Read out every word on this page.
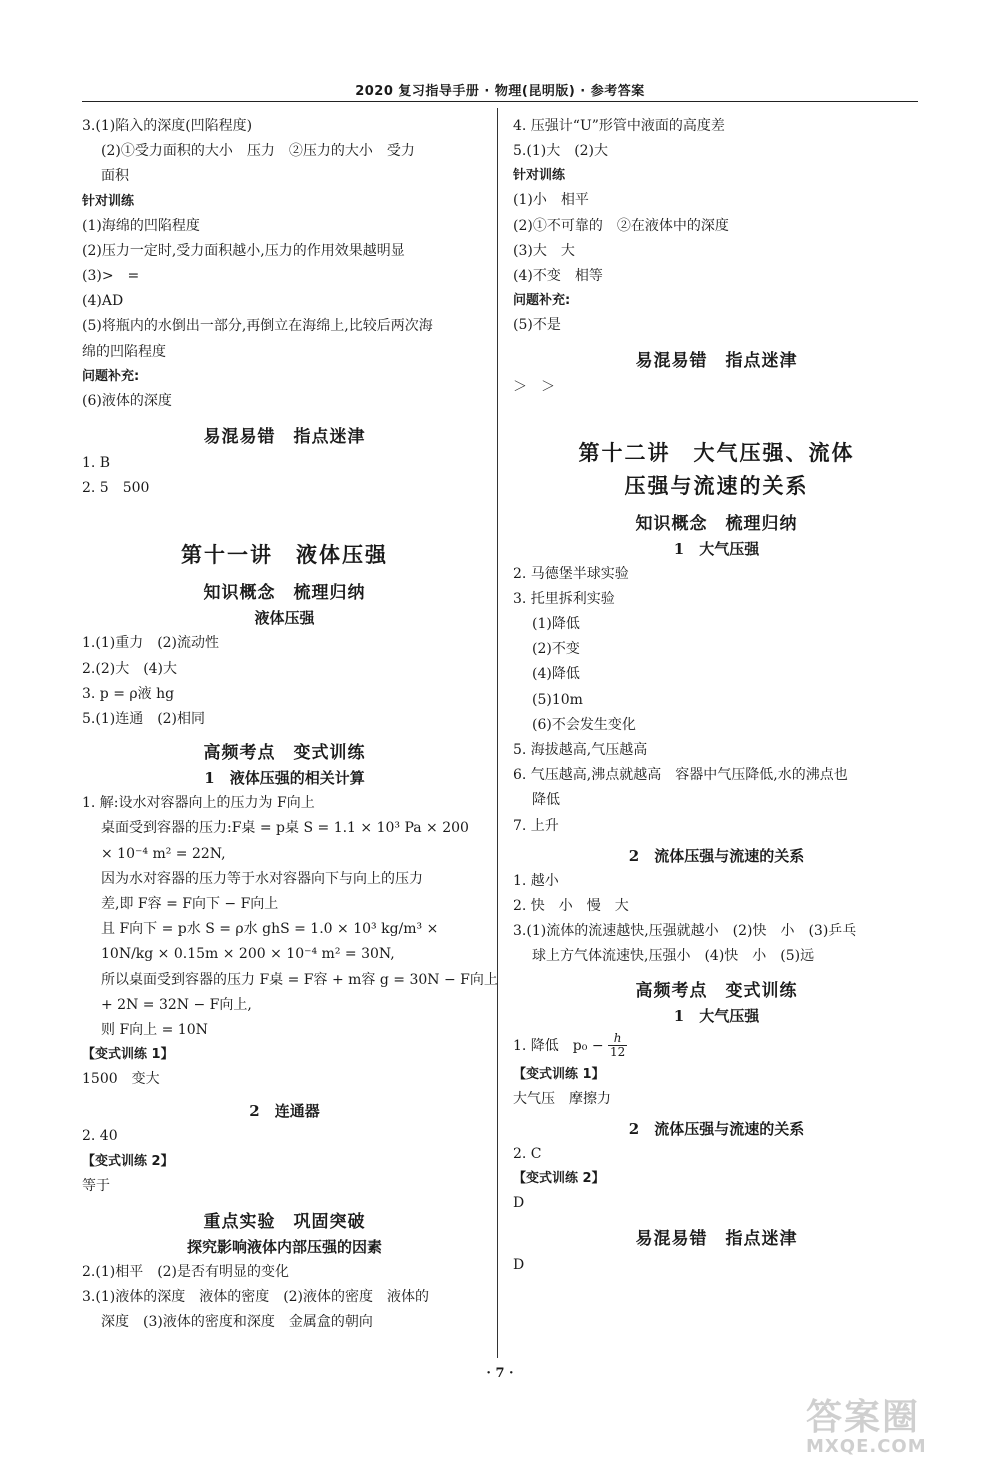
2020 复习指导手册 · 物理(昆明版) · 参考答案
3.(1)陷入的深度(凹陷程度)
(2)①受力面积的大小　压力　②压力的大小　受力
面积
针对训练
(1)海绵的凹陷程度
(2)压力一定时,受力面积越小,压力的作用效果越明显
(3)>　=
(4)AD
(5)将瓶内的水倒出一部分,再倒立在海绵上,比较后两次海
绵的凹陷程度
问题补充:
(6)液体的深度
易混易错　指点迷津
1. B
2. 5　500
第十一讲　液体压强
知识概念　梳理归纳
液体压强
1.(1)重力　(2)流动性
2.(2)大　(4)大
3. p = ρ液 hg
5.(1)连通　(2)相同
高频考点　变式训练
1　液体压强的相关计算
1. 解:设水对容器向上的压力为 F向上
桌面受到容器的压力:F桌 = p桌 S = 1.1 × 10³ Pa × 200
× 10⁻⁴ m² = 22N,
因为水对容器的压力等于水对容器向下与向上的压力
差,即 F容 = F向下 − F向上
且 F向下 = p水 S = ρ水 ghS = 1.0 × 10³ kg/m³ ×
10N/kg × 0.15m × 200 × 10⁻⁴ m² = 30N,
所以桌面受到容器的压力 F桌 = F容 + m容 g = 30N − F向上
+ 2N = 32N − F向上,
则 F向上 = 10N
【变式训练 1】
1500　变大
2　连通器
2. 40
【变式训练 2】
等于
重点实验　巩固突破
探究影响液体内部压强的因素
2.(1)相平　(2)是否有明显的变化
3.(1)液体的深度　液体的密度　(2)液体的密度　液体的
深度　(3)液体的密度和深度　金属盒的朝向
4. 压强计“U”形管中液面的高度差
5.(1)大　(2)大
针对训练
(1)小　相平
(2)①不可靠的　②在液体中的深度
(3)大　大
(4)不变　相等
问题补充:
(5)不是
易混易错　指点迷津
＞　＞
第十二讲　大气压强、流体
压强与流速的关系
知识概念　梳理归纳
1　大气压强
2. 马德堡半球实验
3. 托里拆利实验
(1)降低
(2)不变
(4)降低
(5)10m
(6)不会发生变化
5. 海拔越高,气压越高
6. 气压越高,沸点就越高　容器中气压降低,水的沸点也
降低
7. 上升
2　流体压强与流速的关系
1. 越小
2. 快　小　慢　大
3.(1)流体的流速越快,压强就越小　(2)快　小　(3)乒乓
球上方气体流速快,压强小　(4)快　小　(5)远
高频考点　变式训练
1　大气压强
1. 降低　$p_0 - \frac{h}{12}$
【变式训练 1】
大气压　摩擦力
2　流体压强与流速的关系
2. C
【变式训练 2】
D
易混易错　指点迷津
D
· 7 ·
答案圈
MXQE.COM
